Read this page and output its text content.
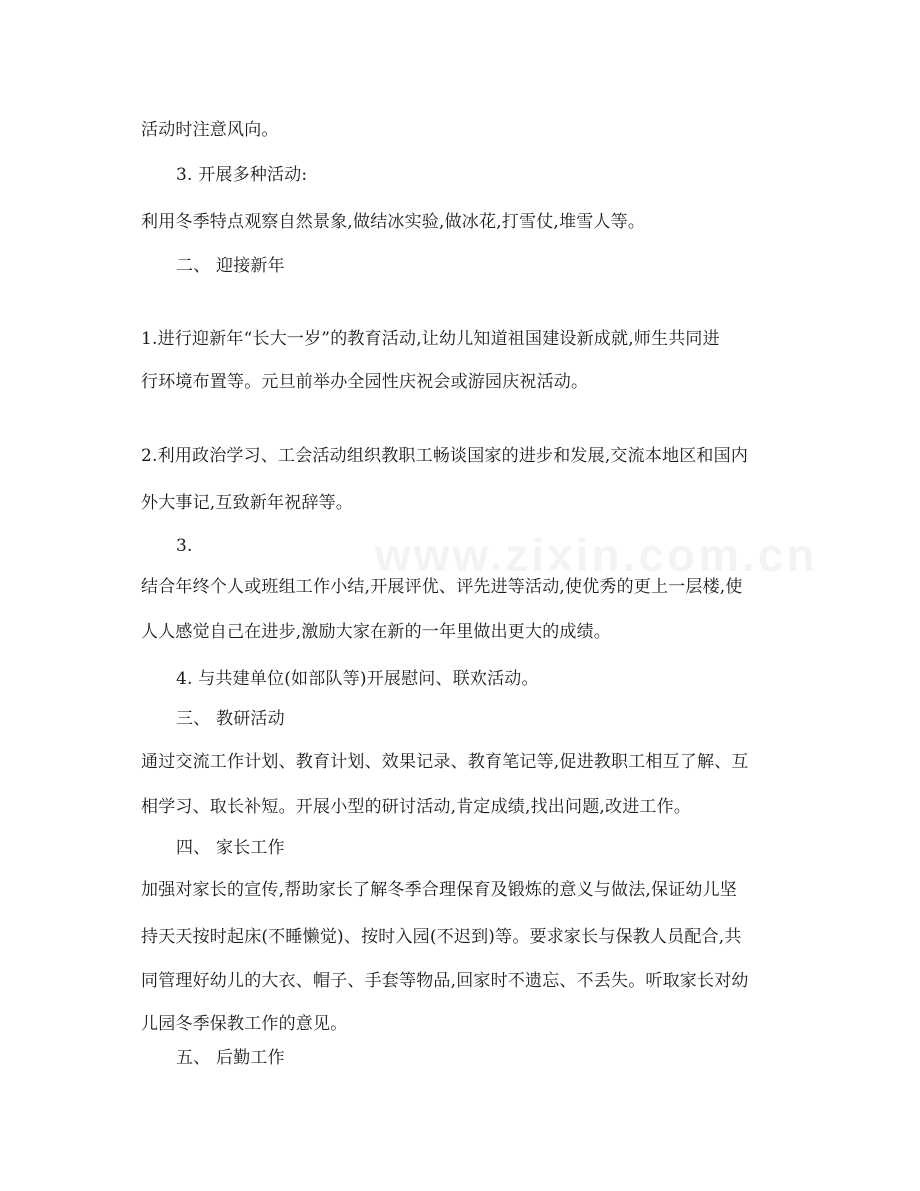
www.zixin.com.cn
活动时注意风向。
3. 开展多种活动:
利用冬季特点观察自然景象,做结冰实验,做冰花,打雪仗,堆雪人等。
二、 迎接新年
1.进行迎新年“长大一岁”的教育活动,让幼儿知道祖国建设新成就,师生共同进
行环境布置等。元旦前举办全园性庆祝会或游园庆祝活动。
2.利用政治学习、工会活动组织教职工畅谈国家的进步和发展,交流本地区和国内
外大事记,互致新年祝辞等。
3.
结合年终个人或班组工作小结,开展评优、评先进等活动,使优秀的更上一层楼,使
人人感觉自己在进步,激励大家在新的一年里做出更大的成绩。
4. 与共建单位(如部队等)开展慰问、联欢活动。
三、 教研活动
通过交流工作计划、教育计划、效果记录、教育笔记等,促进教职工相互了解、互
相学习、取长补短。开展小型的研讨活动,肯定成绩,找出问题,改进工作。
四、 家长工作
加强对家长的宣传,帮助家长了解冬季合理保育及锻炼的意义与做法,保证幼儿坚
持天天按时起床(不睡懒觉)、按时入园(不迟到)等。要求家长与保教人员配合,共
同管理好幼儿的大衣、帽子、手套等物品,回家时不遗忘、不丢失。听取家长对幼
儿园冬季保教工作的意见。
五、 后勤工作
